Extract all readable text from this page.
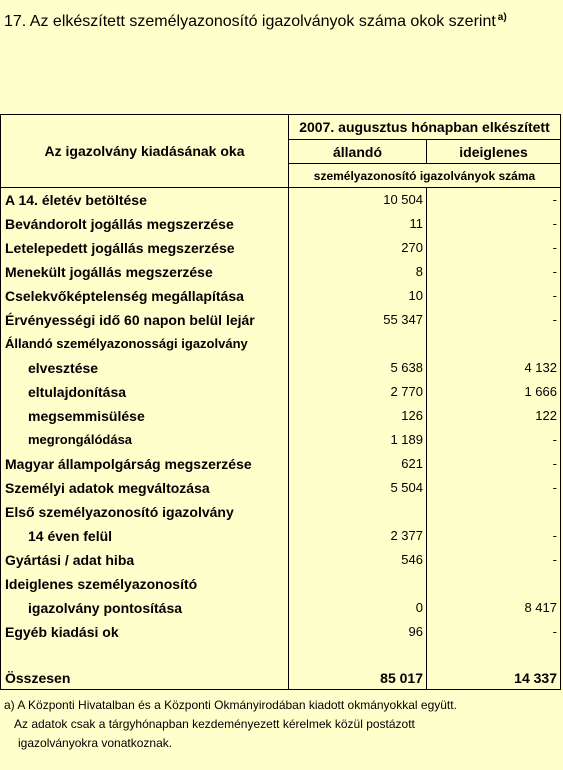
17. Az elkészített személyazonosító igazolványok száma okok szerint $^{a)}$
Az igazolvány kiadásának oka
2007. augusztus hónapban elkészített
állandó	ideiglenes
személyazonosító igazolványok száma
A 14. életév betöltése	10 504	-
Bevándorolt jogállás megszerzése	11	-
Letelepedett jogállás megszerzése	270	-
Menekült jogállás megszerzése	8	-
Cselekvőképtelenség megállapítása	10	-
Érvényességi idő 60 napon belül lejár	55 347	-
Állandó személyazonossági igazolvány
elvesztése	5 638	4 132
eltulajdonítása	2 770	1 666
megsemmisülése	126	122
megrongálódása	1 189	-
Magyar állampolgárság megszerzése	621	-
Személyi adatok megváltozása	5 504	-
Első személyazonosító igazolvány
14 éven felül	2 377	-
Gyártási / adat hiba	546	-
Ideiglenes személyazonosító
igazolvány pontosítása	0	8 417
Egyéb kiadási ok	96	-
Összesen	85 017	14 337
a) A Központi Hivatalban és a Központi Okmányirodában kiadott okmányokkal együtt.
Az adatok csak a tárgyhónapban kezdeményezett kérelmek közül postázott
igazolványokra vonatkoznak.
